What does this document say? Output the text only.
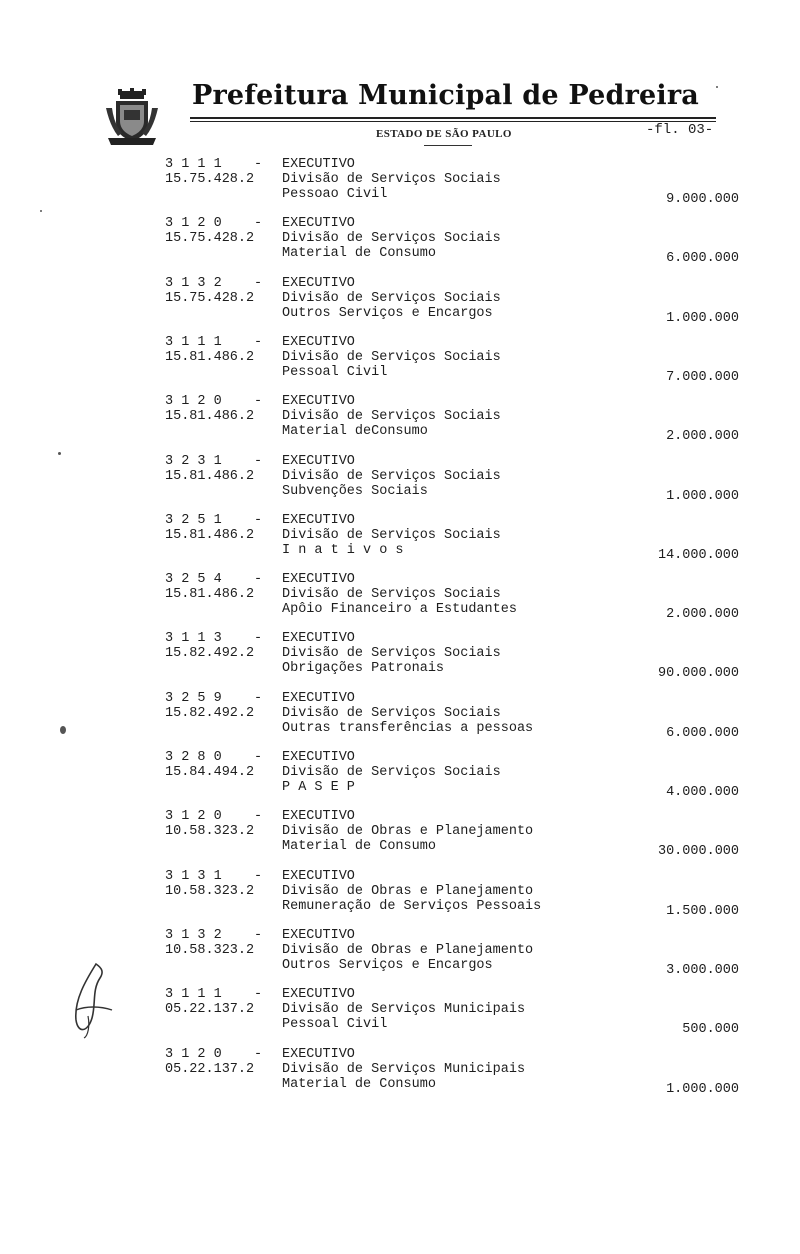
Prefeitura Municipal de Pedreira
ESTADO DE SÃO PAULO	-fl. 03-
3 1 1 1 - EXECUTIVO
15.75.428.2 Divisão de Serviços Sociais
Pessoao Civil	9.000.000
3 1 2 0 - EXECUTIVO
15.75.428.2 Divisão de Serviços Sociais
Material de Consumo	6.000.000
3 1 3 2 - EXECUTIVO
15.75.428.2 Divisão de Serviços Sociais
Outros Serviços e Encargos	1.000.000
3 1 1 1 - EXECUTIVO
15.81.486.2 Divisão de Serviços Sociais
Pessoal Civil	7.000.000
3 1 2 0 - EXECUTIVO
15.81.486.2 Divisão de Serviços Sociais
Material deConsumo	2.000.000
3 2 3 1 - EXECUTIVO
15.81.486.2 Divisão de Serviços Sociais
Subvenções Sociais	1.000.000
3 2 5 1 - EXECUTIVO
15.81.486.2 Divisão de Serviços Sociais
I n a t i v o s	14.000.000
3 2 5 4 - EXECUTIVO
15.81.486.2 Divisão de Serviços Sociais
Apôio Financeiro a Estudantes	2.000.000
3 1 1 3 - EXECUTIVO
15.82.492.2 Divisão de Serviços Sociais
Obrigações Patronais	90.000.000
3 2 5 9 - EXECUTIVO
15.82.492.2 Divisão de Serviços Sociais
Outras transferências a pessoas	6.000.000
3 2 8 0 - EXECUTIVO
15.84.494.2 Divisão de Serviços Sociais
P A S E P	4.000.000
3 1 2 0 - EXECUTIVO
10.58.323.2 Divisão de Obras e Planejamento
Material de Consumo	30.000.000
3 1 3 1 - EXECUTIVO
10.58.323.2 Divisão de Obras e Planejamento
Remuneração de Serviços Pessoais	1.500.000
3 1 3 2 - EXECUTIVO
10.58.323.2 Divisão de Obras e Planejamento
Outros Serviços e Encargos	3.000.000
3 1 1 1 - EXECUTIVO
05.22.137.2 Divisão de Serviços Municipais
Pessoal Civil	500.000
3 1 2 0 - EXECUTIVO
05.22.137.2 Divisão de Serviços Municipais
Material de Consumo	1.000.000
